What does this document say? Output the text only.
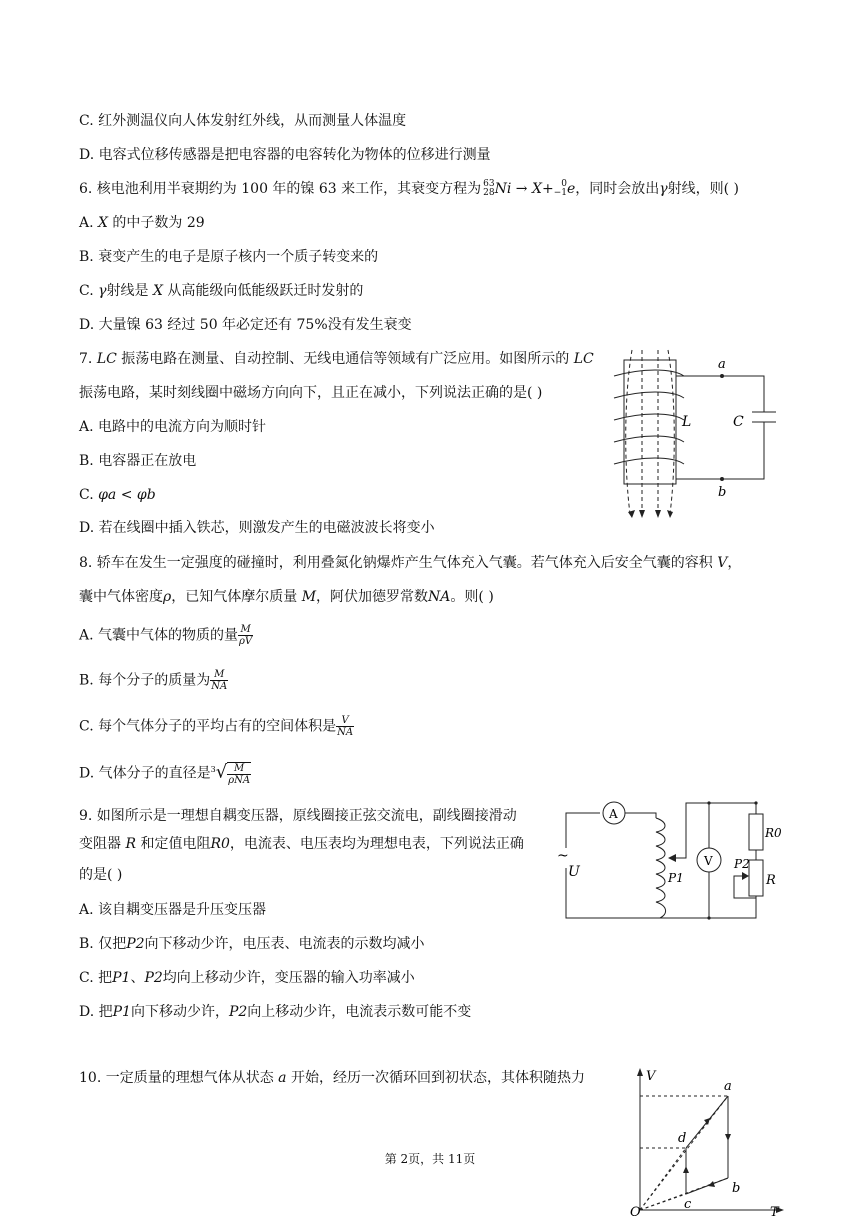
C. 红外测温仪向人体发射红外线，从而测量人体温度
D. 电容式位移传感器是把电容器的电容转化为物体的位移进行测量
6. 核电池利用半衰期约为 100 年的镍 63 来工作，其衰变方程为 63
28 Ni → X+ 0
−1 e，同时会放出γ射线，则( )
A. X 的中子数为 29
B. 衰变产生的电子是原子核内一个质子转变来的
C. γ射线是 X 从高能级向低能级跃迁时发射的
D. 大量镍 63 经过 50 年必定还有 75%没有发生衰变
7. LC 振荡电路在测量、自动控制、无线电通信等领域有广泛应用。如图所示的 LC
振荡电路，某时刻线圈中磁场方向向下，且正在减小，下列说法正确的是( )
A. 电路中的电流方向为顺时针
B. 电容器正在放电
C. φa < φb
D. 若在线圈中插入铁芯，则激发产生的电磁波波长将变小
a
b
L	C
8. 轿车在发生一定强度的碰撞时，利用叠氮化钠爆炸产生气体充入气囊。若气体充入后安全气囊的容积 V，
囊中气体密度ρ，已知气体摩尔质量 M，阿伏加德罗常数NA。则( )
A. 气囊中气体的物质的量 $\frac{M}{\rho V}$
B. 每个分子的质量为 $\frac{M}{NA}$
C. 每个气体分子的平均占有的空间体积是 $\frac{V}{NA}$
D. 气体分子的直径是$^3√ \frac{M}{\text{ρNA}}$
9. 如图所示是一理想自耦变压器，原线圈接正弦交流电，副线圈接滑动
变阻器 R 和定值电阻R0，电流表、电压表均为理想电表，下列说法正确
的是( )
A. 该自耦变压器是升压变压器
B. 仅把P2向下移动少许，电压表、电流表的示数均减小
C. 把P1、P2均向上移动少许，变压器的输入功率减小
D. 把P1向下移动少许，P2向上移动少许，电流表示数可能不变
A
V
R0
R
P1
P2
~
U
10. 一定质量的理想气体从状态 a 开始，经历一次循环回到初状态，其体积随热力	V
T
O
a
b
c
d
第 2页，共 11页
